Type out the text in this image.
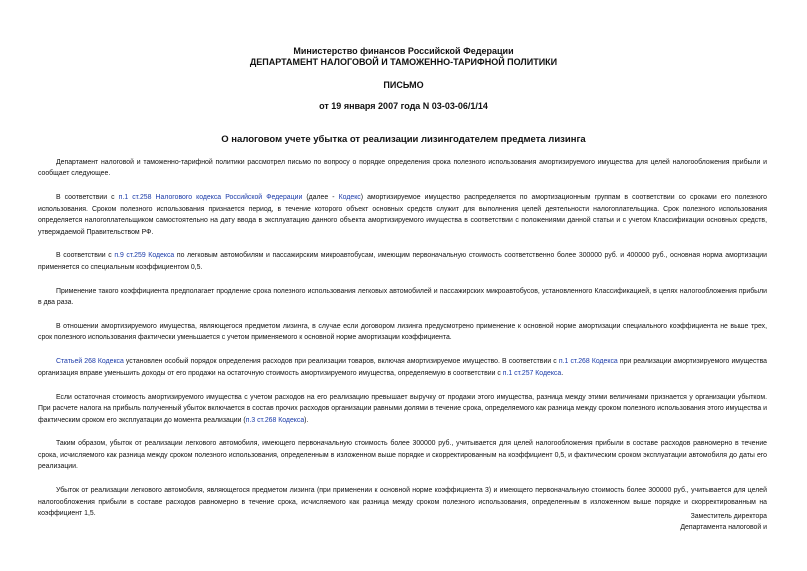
Министерство финансов Российской Федерации
ДЕПАРТАМЕНТ НАЛОГОВОЙ И ТАМОЖЕННО-ТАРИФНОЙ ПОЛИТИКИ
ПИСЬМО
от 19 января 2007 года N 03-03-06/1/14
О налоговом учете убытка от реализации лизингодателем предмета лизинга

Департамент налоговой и таможенно-тарифной политики рассмотрел письмо по вопросу о порядке определения срока полезного использования амортизируемого имущества для целей налогообложения прибыли и сообщает следующее.

В соответствии с п.1 ст.258 Налогового кодекса Российской Федерации (далее - Кодекс) амортизируемое имущество распределяется по амортизационным группам в соответствии со сроками его полезного использования. Сроком полезного использования признается период, в течение которого объект основных средств служит для выполнения целей деятельности налогоплательщика. Срок полезного использования определяется налогоплательщиком самостоятельно на дату ввода в эксплуатацию данного объекта амортизируемого имущества в соответствии с положениями данной статьи и с учетом Классификации основных средств, утверждаемой Правительством РФ.

В соответствии с п.9 ст.259 Кодекса по легковым автомобилям и пассажирским микроавтобусам, имеющим первоначальную стоимость соответственно более 300000 руб. и 400000 руб., основная норма амортизации применяется со специальным коэффициентом 0,5.

Применение такого коэффициента предполагает продление срока полезного использования легковых автомобилей и пассажирских микроавтобусов, установленного Классификацией, в целях налогообложения прибыли в два раза.

В отношении амортизируемого имущества, являющегося предметом лизинга, в случае если договором лизинга предусмотрено применение к основной норме амортизации специального коэффициента не выше трех, срок полезного использования фактически уменьшается с учетом применяемого к основной норме амортизации коэффициента.

Статьей 268 Кодекса установлен особый порядок определения расходов при реализации товаров, включая амортизируемое имущество. В соответствии с п.1 ст.268 Кодекса при реализации амортизируемого имущества организация вправе уменьшить доходы от его продажи на остаточную стоимость амортизируемого имущества, определяемую в соответствии с п.1 ст.257 Кодекса.

Если остаточная стоимость амортизируемого имущества с учетом расходов на его реализацию превышает выручку от продажи этого имущества, разница между этими величинами признается у организации убытком. При расчете налога на прибыль полученный убыток включается в состав прочих расходов организации равными долями в течение срока, определяемого как разница между сроком полезного использования этого имущества и фактическим сроком его эксплуатации до момента реализации (п.3 ст.268 Кодекса).

Таким образом, убыток от реализации легкового автомобиля, имеющего первоначальную стоимость более 300000 руб., учитывается для целей налогообложения прибыли в составе расходов равномерно в течение срока, исчисляемого как разница между сроком полезного использования, определенным в изложенном выше порядке и скорректированным на коэффициент 0,5, и фактическим сроком эксплуатации автомобиля до даты его реализации.

Убыток от реализации легкового автомобиля, являющегося предметом лизинга (при применении к основной норме коэффициента 3) и имеющего первоначальную стоимость более 300000 руб., учитывается для целей налогообложения прибыли в составе расходов равномерно в течение срока, исчисляемого как разница между сроком полезного использования, определенным в изложенном выше порядке и скорректированным на коэффициент 1,5.	Заместитель директора
Департамента налоговой и
